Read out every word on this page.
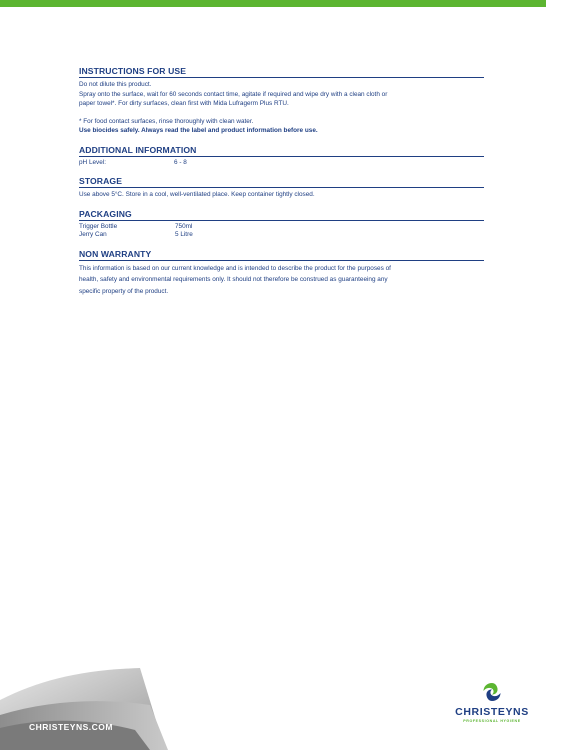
INSTRUCTIONS FOR USE
Do not dilute this product.
Spray onto the surface, wait for 60 seconds contact time, agitate if required and wipe dry with a clean cloth or
paper towel*. For dirty surfaces, clean first with Mida Lufragerm Plus RTU.
* For food contact surfaces, rinse thoroughly with clean water.
Use biocides safely. Always read the label and product information before use.
ADDITIONAL INFORMATION
pH Level:	6 - 8
STORAGE
Use above 5°C. Store in a cool, well-ventilated place. Keep container tightly closed.
PACKAGING
Trigger Bottle	750ml
Jerry Can	5 Litre
NON WARRANTY
This information is based on our current knowledge and is intended to describe the product for the purposes of
health, safety and environmental requirements only. It should not therefore be construed as guaranteeing any
specific property of the product.
CHRISTEYNS.COM
CHRISTEYNS
PROFESSIONAL HYGIENE
